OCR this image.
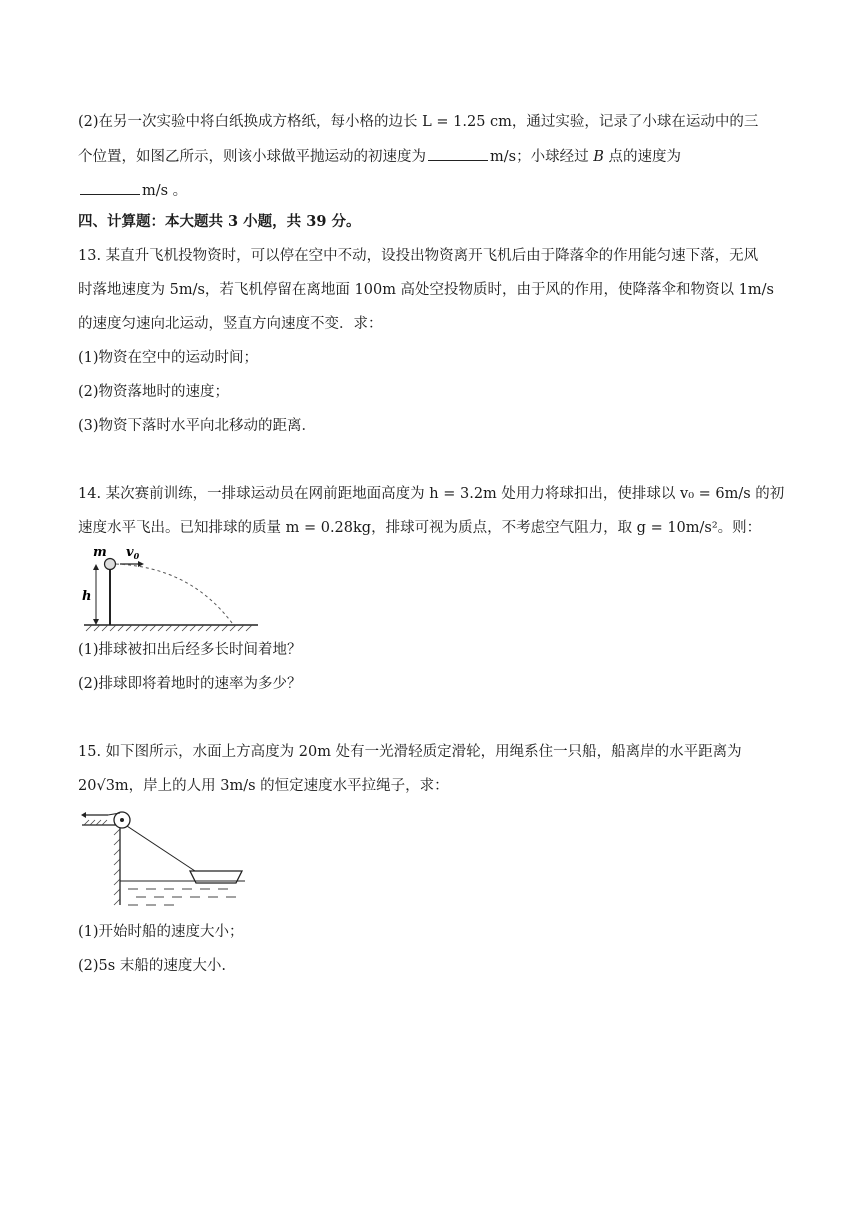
(2)在另一次实验中将白纸换成方格纸，每小格的边长 L = 1.25 cm，通过实验，记录了小球在运动中的三
个位置，如图乙所示，则该小球做平抛运动的初速度为	m/s；小球经过 B 点的速度为
m/s 。
四、计算题：本大题共 3 小题，共 39 分。
13. 某直升飞机投物资时，可以停在空中不动，设投出物资离开飞机后由于降落伞的作用能匀速下落，无风
时落地速度为 5m/s，若飞机停留在离地面 100m 高处空投物质时，由于风的作用，使降落伞和物资以 1m/s
的速度匀速向北运动，竖直方向速度不变．求：
(1)物资在空中的运动时间；
(2)物资落地时的速度；
(3)物资下落时水平向北移动的距离．
14. 某次赛前训练，一排球运动员在网前距地面高度为 h = 3.2m 处用力将球扣出，使排球以 v₀ = 6m/s 的初
速度水平飞出。已知排球的质量 m = 0.28kg，排球可视为质点，不考虑空气阻力，取 g = 10m/s²。则：
m $v_0$
h
(1)排球被扣出后经多长时间着地？
(2)排球即将着地时的速率为多少？
15. 如下图所示，水面上方高度为 20m 处有一光滑轻质定滑轮，用绳系住一只船，船离岸的水平距离为
20√3m，岸上的人用 3m/s 的恒定速度水平拉绳子，求：
(1)开始时船的速度大小；
(2)5s 末船的速度大小.
